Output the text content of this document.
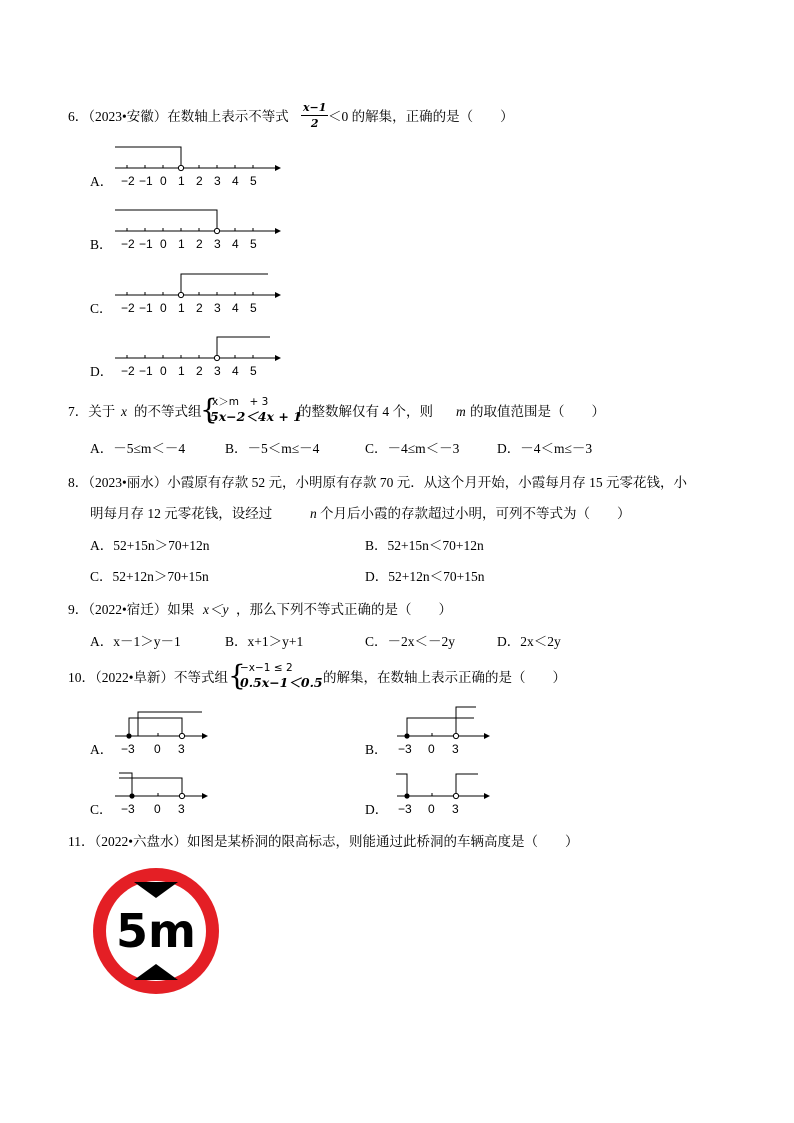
6．（2023•安徽）在数轴上表示不等式 $\frac{x-1}{2} <0$ 的解集，正确的是（　　）
A． −2 −1 0 1 2 3 4 5
B． −2 −1 0 1 2 3 4 5
C． −2 −1 0 1 2 3 4 5
D． −2 −1 0 1 2 3 4 5
7．关于 x 的不等式组
{
x＞m　+ 3
5x−2＜4x + 1
的整数解仅有 4 个，则 m 的取值范围是（　　）
A．－5≤m＜－4	B．－5＜m≤－4	C．－4≤m＜－3	D．－4＜m≤－3
8．（2023•丽水）小霞原有存款 52 元，小明原有存款 70 元．从这个月开始，小霞每月存 15 元零花钱，小
明每月存 12 元零花钱，设经过	n 个月后小霞的存款超过小明，可列不等式为（　　）
A．52+15n＞70+12n	B．52+15n＜70+12n
C．52+12n＞70+15n	D．52+12n＜70+15n
9．（2022•宿迁）如果 x＜y ，那么下列不等式正确的是（　　）
A．x－1＞y－1	B．x+1＞y+1	C．－2x＜－2y	D．2x＜2y
10．（2022•阜新）不等式组 {
−x−1 ≤ 2
0.5x−1＜0.5 的解集，在数轴上表示正确的是（　　）
A． −3 0 3	B． −3 0 3
C． −3 0 3	D． −3 0 3
11．（2022•六盘水）如图是某桥洞的限高标志，则能通过此桥洞的车辆高度是（　　）
5m
